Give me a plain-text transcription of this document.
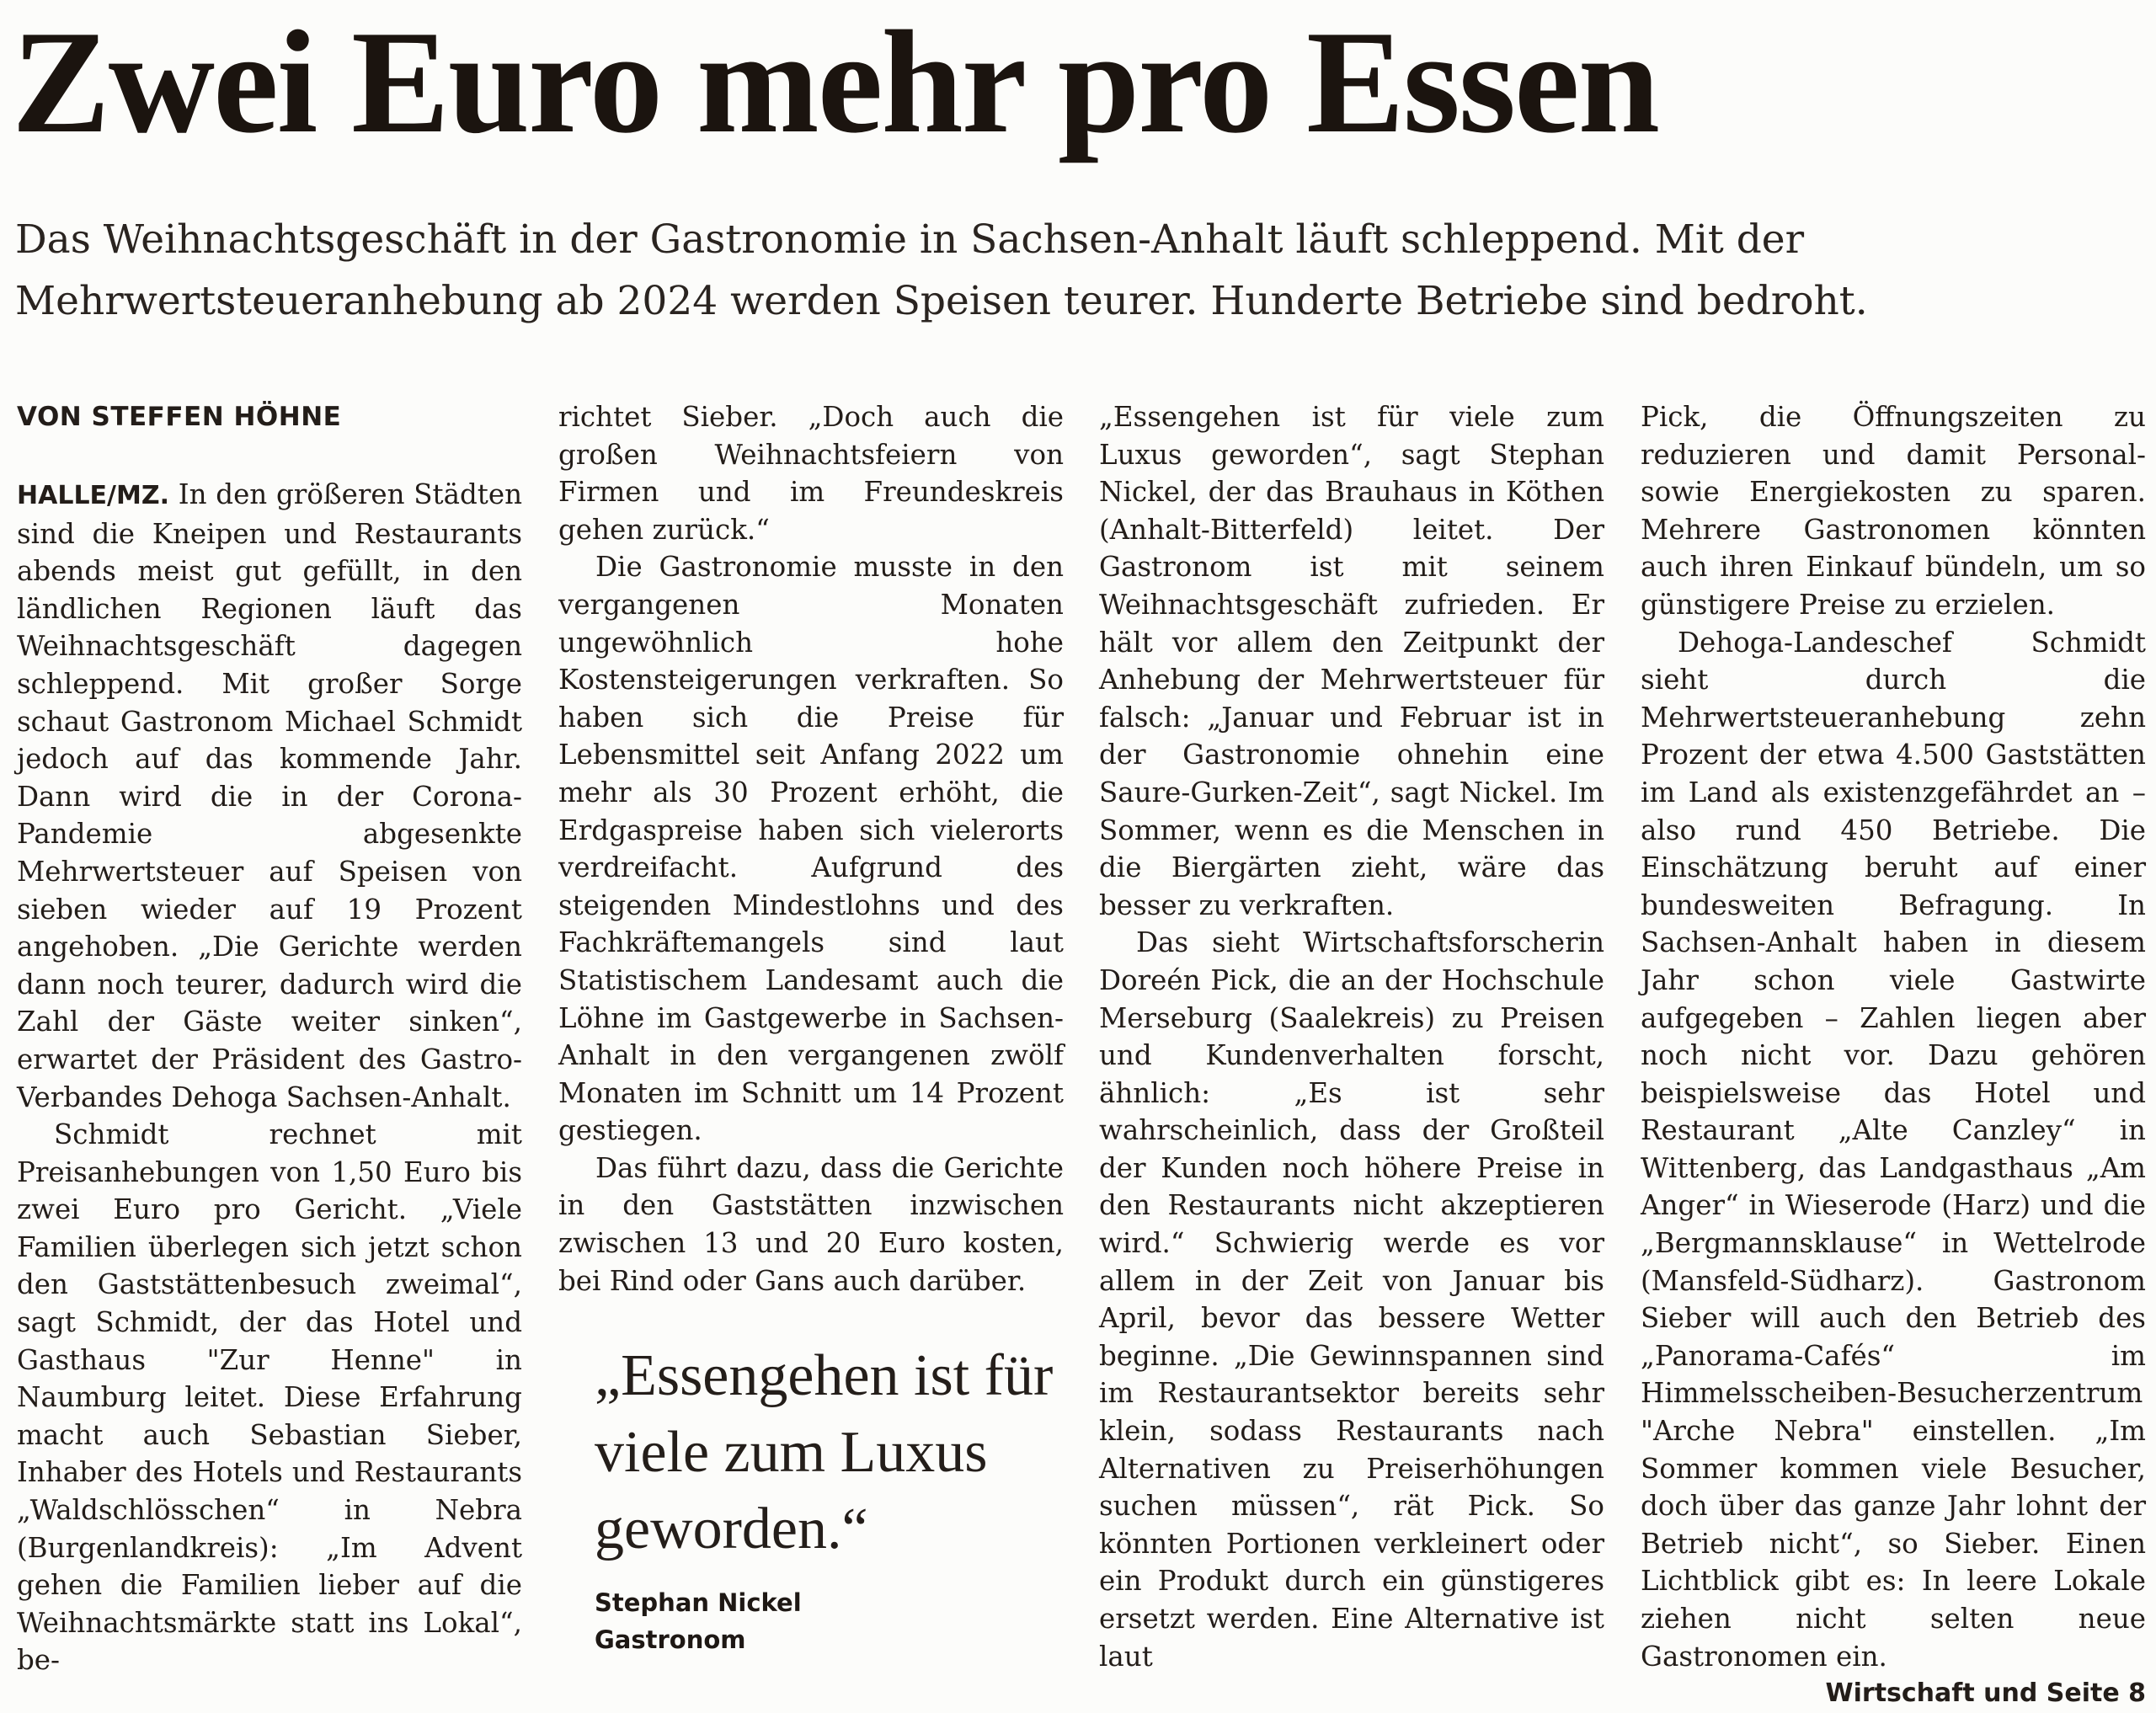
Zwei Euro mehr pro Essen

Das Weihnachtsgeschäft in der Gastronomie in Sachsen-Anhalt läuft schleppend. Mit der Mehrwertsteueranhebung ab 2024 werden Speisen teurer. Hunderte Betriebe sind bedroht.

VON STEFFEN HÖHNE

HALLE/MZ. In den größeren Städten sind die Kneipen und Restaurants abends meist gut gefüllt, in den ländlichen Regionen läuft das Weihnachtsgeschäft dagegen schleppend. Mit großer Sorge schaut Gastronom Michael Schmidt jedoch auf das kommende Jahr. Dann wird die in der Corona-Pandemie abgesenkte Mehrwertsteuer auf Speisen von sieben wieder auf 19 Prozent angehoben. „Die Gerichte werden dann noch teurer, dadurch wird die Zahl der Gäste weiter sinken“, erwartet der Präsident des Gastro-Verbandes Dehoga Sachsen-Anhalt.

Schmidt rechnet mit Preisanhebungen von 1,50 Euro bis zwei Euro pro Gericht. „Viele Familien überlegen sich jetzt schon den Gaststättenbesuch zweimal“, sagt Schmidt, der das Hotel und Gasthaus "Zur Henne" in Naumburg leitet. Diese Erfahrung macht auch Sebastian Sieber, Inhaber des Hotels und Restaurants „Waldschlösschen“ in Nebra (Burgenlandkreis): „Im Advent gehen die Familien lieber auf die Weihnachtsmärkte statt ins Lokal“, be-

richtet Sieber. „Doch auch die großen Weihnachtsfeiern von Firmen und im Freundeskreis gehen zurück.“

Die Gastronomie musste in den vergangenen Monaten ungewöhnlich hohe Kostensteigerungen verkraften. So haben sich die Preise für Lebensmittel seit Anfang 2022 um mehr als 30 Prozent erhöht, die Erdgaspreise haben sich vielerorts verdreifacht. Aufgrund des steigenden Mindestlohns und des Fachkräftemangels sind laut Statistischem Landesamt auch die Löhne im Gastgewerbe in Sachsen-Anhalt in den vergangenen zwölf Monaten im Schnitt um 14 Prozent gestiegen.

Das führt dazu, dass die Gerichte in den Gaststätten inzwischen zwischen 13 und 20 Euro kosten, bei Rind oder Gans auch darüber.

„Essengehen ist für viele zum Luxus geworden.“

Stephan Nickel
Gastronom

„Essengehen ist für viele zum Luxus geworden“, sagt Stephan Nickel, der das Brauhaus in Köthen (Anhalt-Bitterfeld) leitet. Der Gastronom ist mit seinem Weihnachtsgeschäft zufrieden. Er hält vor allem den Zeitpunkt der Anhebung der Mehrwertsteuer für falsch: „Januar und Februar ist in der Gastronomie ohnehin eine Saure-Gurken-Zeit“, sagt Nickel. Im Sommer, wenn es die Menschen in die Biergärten zieht, wäre das besser zu verkraften.

Das sieht Wirtschaftsforscherin Doreén Pick, die an der Hochschule Merseburg (Saalekreis) zu Preisen und Kundenverhalten forscht, ähnlich: „Es ist sehr wahrscheinlich, dass der Großteil der Kunden noch höhere Preise in den Restaurants nicht akzeptieren wird.“ Schwierig werde es vor allem in der Zeit von Januar bis April, bevor das bessere Wetter beginne. „Die Gewinnspannen sind im Restaurantsektor bereits sehr klein, sodass Restaurants nach Alternativen zu Preiserhöhungen suchen müssen“, rät Pick. So könnten Portionen verkleinert oder ein Produkt durch ein günstigeres ersetzt werden. Eine Alternative ist laut

Pick, die Öffnungszeiten zu reduzieren und damit Personal- sowie Energiekosten zu sparen. Mehrere Gastronomen könnten auch ihren Einkauf bündeln, um so günstigere Preise zu erzielen.

Dehoga-Landeschef Schmidt sieht durch die Mehrwertsteueranhebung zehn Prozent der etwa 4.500 Gaststätten im Land als existenzgefährdet an – also rund 450 Betriebe. Die Einschätzung beruht auf einer bundesweiten Befragung. In Sachsen-Anhalt haben in diesem Jahr schon viele Gastwirte aufgegeben – Zahlen liegen aber noch nicht vor. Dazu gehören beispielsweise das Hotel und Restaurant „Alte Canzley“ in Wittenberg, das Landgasthaus „Am Anger“ in Wieserode (Harz) und die „Bergmannsklause“ in Wettelrode (Mansfeld-Südharz). Gastronom Sieber will auch den Betrieb des „Panorama-Cafés“ im Himmelsscheiben-Besucherzentrum "Arche Nebra" einstellen. „Im Sommer kommen viele Besucher, doch über das ganze Jahr lohnt der Betrieb nicht“, so Sieber. Einen Lichtblick gibt es: In leere Lokale ziehen nicht selten neue Gastronomen ein.
Wirtschaft und Seite 8
